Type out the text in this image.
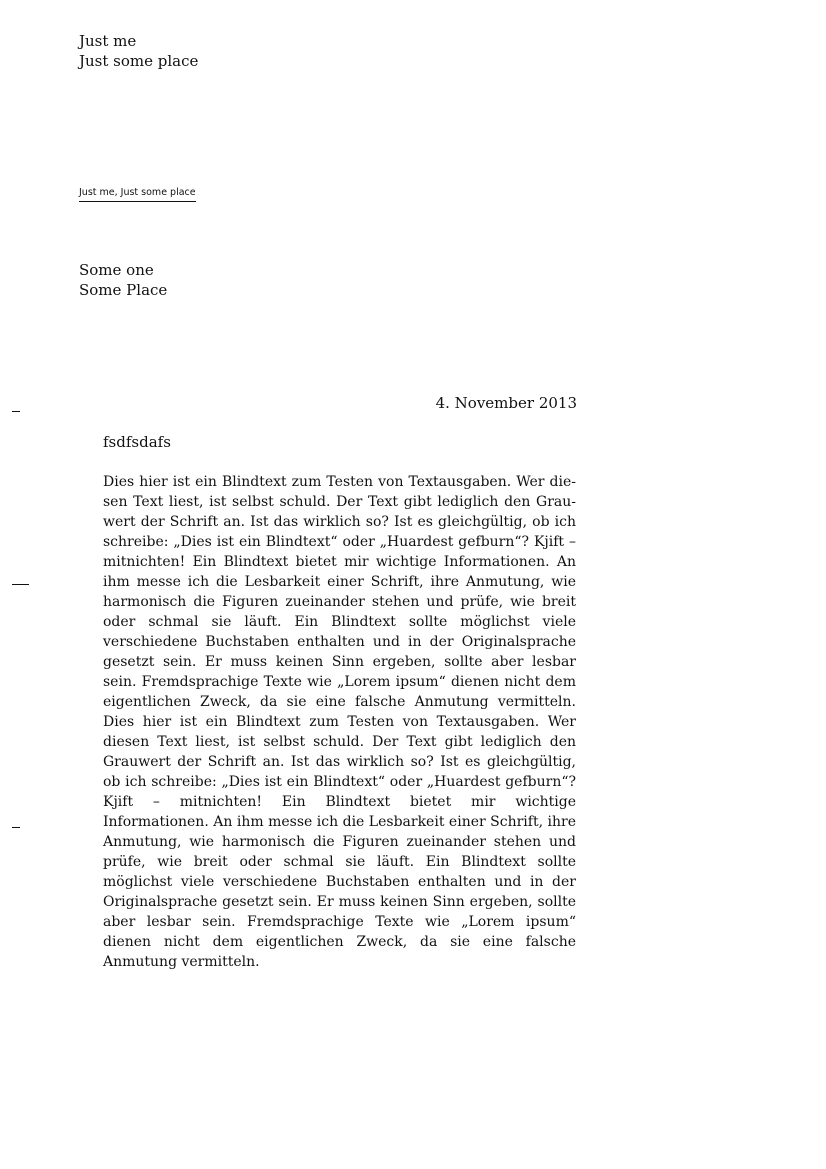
Just me
Just some place
Just me, Just some place
Some one
Some Place
4. November 2013
fsdfsdafs
Dies hier ist ein Blindtext zum Testen von Textausgaben. Wer diesen Text liest, ist selbst schuld. Der Text gibt lediglich den Grauwert der Schrift an. Ist das wirklich so? Ist es gleichgültig, ob ich schreibe: „Dies ist ein Blindtext“ oder „Huardest gefburn“? Kjift – mitnichten! Ein Blindtext bietet mir wichtige Informationen. An ihm messe ich die Lesbarkeit einer Schrift, ihre Anmutung, wie harmonisch die Figuren zueinander stehen und prüfe, wie breit oder schmal sie läuft. Ein Blindtext sollte möglichst viele verschiedene Buchstaben enthalten und in der Originalsprache gesetzt sein. Er muss keinen Sinn ergeben, sollte aber lesbar sein. Fremdsprachige Texte wie „Lorem ipsum“ dienen nicht dem eigentlichen Zweck, da sie eine falsche Anmutung vermitteln. Dies hier ist ein Blindtext zum Testen von Textausgaben. Wer diesen Text liest, ist selbst schuld. Der Text gibt lediglich den Grauwert der Schrift an. Ist das wirklich so? Ist es gleichgültig, ob ich schreibe: „Dies ist ein Blindtext“ oder „Huardest gefburn“? Kjift – mitnichten! Ein Blindtext bietet mir wichtige Informationen. An ihm messe ich die Lesbarkeit einer Schrift, ihre Anmutung, wie harmonisch die Figuren zueinander stehen und prüfe, wie breit oder schmal sie läuft. Ein Blindtext sollte möglichst viele verschiedene Buchstaben enthalten und in der Originalsprache gesetzt sein. Er muss keinen Sinn ergeben, sollte aber lesbar sein. Fremdsprachige Texte wie „Lorem ipsum“ dienen nicht dem eigentlichen Zweck, da sie eine falsche Anmutung vermitteln.
